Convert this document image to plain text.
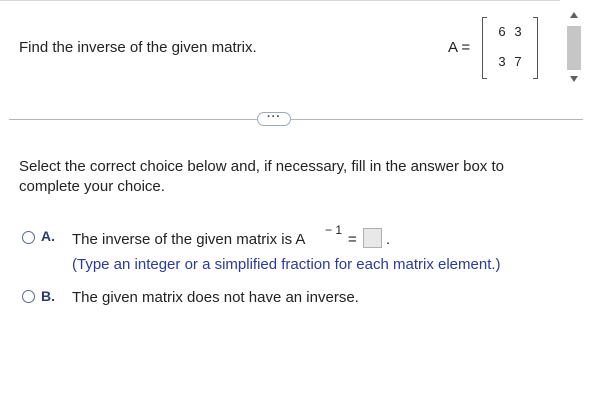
Find the inverse of the given matrix.	A =
6 3
3 7
···
Select the correct choice below and, if necessary, fill in the answer box to complete your choice.
A. The inverse of the given matrix is A
− 1
= .
(Type an integer or a simplified fraction for each matrix element.)
B. The given matrix does not have an inverse.
